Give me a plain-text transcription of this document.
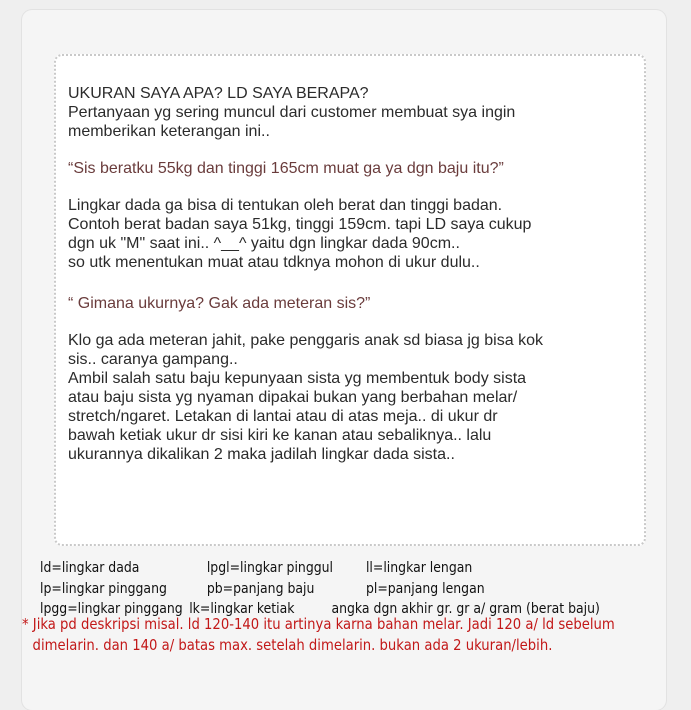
UKURAN SAYA APA? LD SAYA BERAPA?

Pertanyaan yg sering muncul dari customer membuat sya ingin

memberikan keterangan ini..

“Sis beratku 55kg dan tinggi 165cm muat ga ya dgn baju itu?”

Lingkar dada ga bisa di tentukan oleh berat dan tinggi badan.

Contoh berat badan saya 51kg, tinggi 159cm. tapi LD saya cukup

dgn uk "M" saat ini.. ^__^ yaitu dgn lingkar dada 90cm..

so utk menentukan muat atau tdknya mohon di ukur dulu..

“ Gimana ukurnya? Gak ada meteran sis?”

Klo ga ada meteran jahit, pake penggaris anak sd biasa jg bisa kok

sis.. caranya gampang..

Ambil salah satu baju kepunyaan sista yg membentuk body sista

atau baju sista yg nyaman dipakai bukan yang berbahan melar/

stretch/ngaret. Letakan di lantai atau di atas meja.. di ukur dr

bawah ketiak ukur dr sisi kiri ke kanan atau sebaliknya.. lalu

ukurannya dikalikan 2 maka jadilah lingkar dada sista..

ld=lingkar dada	lpgl=lingkar pinggul	ll=lingkar lengan
lp=lingkar pinggang	pb=panjang baju	pl=panjang lengan
lpgg=lingkar pinggang lk=lingkar ketiak	angka dgn akhir gr. gr a/ gram (berat baju)
* Jika pd deskripsi misal. ld 120-140 itu artinya karna bahan melar. Jadi 120 a/ ld sebelum
dimelarin. dan 140 a/ batas max. setelah dimelarin. bukan ada 2 ukuran/lebih.
